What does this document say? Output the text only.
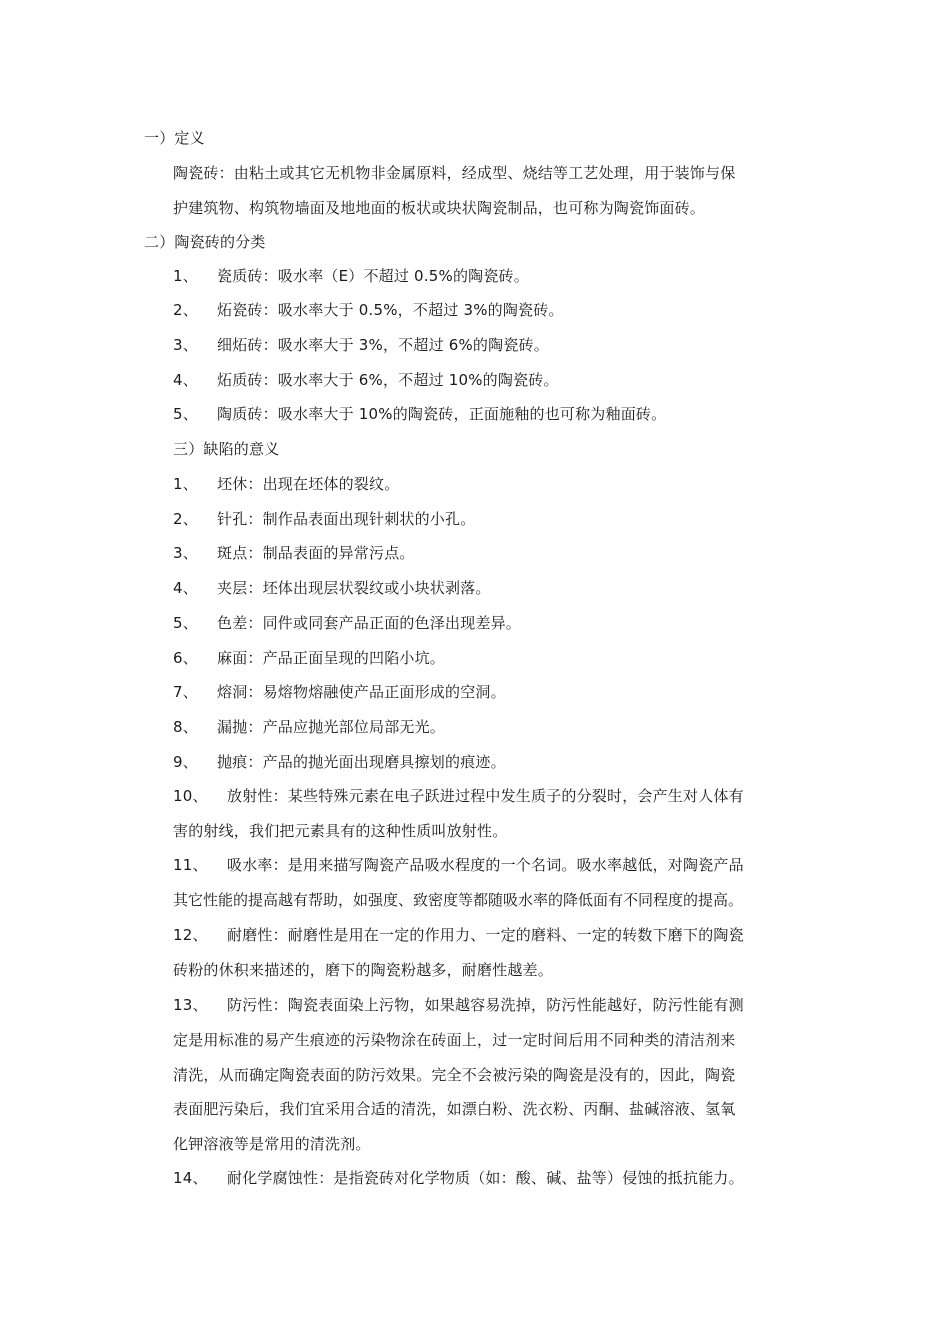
一）定义
陶瓷砖：由粘土或其它无机物非金属原料，经成型、烧结等工艺处理，用于装饰与保
护建筑物、构筑物墙面及地地面的板状或块状陶瓷制品，也可称为陶瓷饰面砖。
二）陶瓷砖的分类
1、 瓷质砖：吸水率（E）不超过 0.5%的陶瓷砖。
2、 炻瓷砖：吸水率大于 0.5%，不超过 3%的陶瓷砖。
3、 细炻砖：吸水率大于 3%，不超过 6%的陶瓷砖。
4、 炻质砖：吸水率大于 6%，不超过 10%的陶瓷砖。
5、 陶质砖：吸水率大于 10%的陶瓷砖，正面施釉的也可称为釉面砖。
三）缺陷的意义
1、 坯休：出现在坯体的裂纹。
2、 针孔：制作品表面出现针刺状的小孔。
3、 斑点：制品表面的异常污点。
4、 夹层：坯体出现层状裂纹或小块状剥落。
5、 色差：同件或同套产品正面的色泽出现差异。
6、 麻面：产品正面呈现的凹陷小坑。
7、 熔洞：易熔物熔融使产品正面形成的空洞。
8、 漏抛：产品应抛光部位局部无光。
9、 抛痕：产品的抛光面出现磨具擦划的痕迹。
10、 放射性：某些特殊元素在电子跃进过程中发生质子的分裂时，会产生对人体有
害的射线，我们把元素具有的这种性质叫放射性。
11、 吸水率：是用来描写陶瓷产品吸水程度的一个名词。吸水率越低，对陶瓷产品
其它性能的提高越有帮助，如强度、致密度等都随吸水率的降低面有不同程度的提高。
12、 耐磨性：耐磨性是用在一定的作用力、一定的磨料、一定的转数下磨下的陶瓷
砖粉的休积来描述的，磨下的陶瓷粉越多，耐磨性越差。
13、 防污性：陶瓷表面染上污物，如果越容易洗掉，防污性能越好，防污性能有测
定是用标准的易产生痕迹的污染物涂在砖面上，过一定时间后用不同种类的清洁剂来
清洗，从而确定陶瓷表面的防污效果。完全不会被污染的陶瓷是没有的，因此，陶瓷
表面肥污染后，我们宜采用合适的清洗，如漂白粉、洗衣粉、丙酮、盐碱溶液、氢氧
化钾溶液等是常用的清洗剂。
14、 耐化学腐蚀性：是指瓷砖对化学物质（如：酸、碱、盐等）侵蚀的抵抗能力。
